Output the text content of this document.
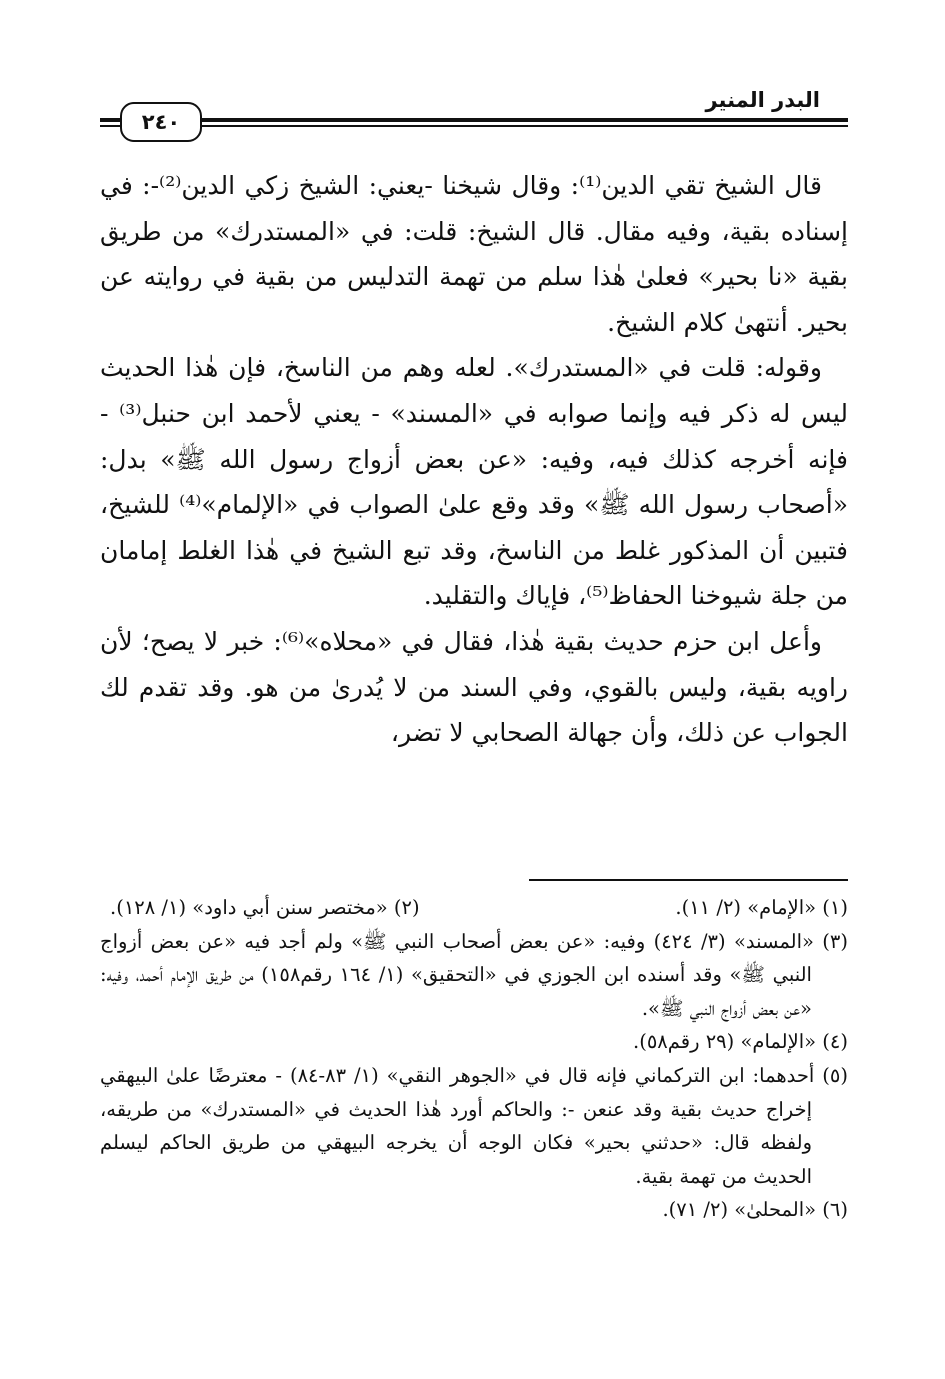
البدر المنير
٢٤٠

قال الشيخ تقي الدين⁽¹⁾: وقال شيخنا -يعني: الشيخ زكي الدين⁽²⁾-: في إسناده بقية، وفيه مقال. قال الشيخ: قلت: في «المستدرك» من طريق بقية «نا بحير» فعلىٰ هٰذا سلم من تهمة التدليس من بقية في روايته عن بحير. أنتهىٰ كلام الشيخ.

وقوله: قلت في «المستدرك». لعله وهم من الناسخ، فإن هٰذا الحديث ليس له ذكر فيه وإنما صوابه في «المسند» - يعني لأحمد ابن حنبل⁽³⁾ - فإنه أخرجه كذلك فيه، وفيه: «عن بعض أزواج رسول الله ﷺ» بدل: «أصحاب رسول الله ﷺ» وقد وقع علىٰ الصواب في «الإلمام»⁽⁴⁾ للشيخ، فتبين أن المذكور غلط من الناسخ، وقد تبع الشيخ في هٰذا الغلط إمامان من جلة شيوخنا الحفاظ⁽⁵⁾، فإياك والتقليد.

وأعل ابن حزم حديث بقية هٰذا، فقال في «محلاه»⁽⁶⁾: خبر لا يصح؛ لأن راويه بقية، وليس بالقوي، وفي السند من لا يُدرىٰ من هو. وقد تقدم لك الجواب عن ذلك، وأن جهالة الصحابي لا تضر،

(١) «الإمام» (٢/ ١١).
(٢) «مختصر سنن أبي داود» (١/ ١٢٨).

(٣) «المسند» (٣/ ٤٢٤) وفيه: «عن بعض أصحاب النبي ﷺ» ولم أجد فيه «عن بعض أزواج النبي ﷺ» وقد أسنده ابن الجوزي في «التحقيق» (١/ ١٦٤ رقم١٥٨) من طريق الإمام أحمد، وفيه: «عن بعض أزواج النبي ﷺ».

(٤) «الإلمام» (٢٩ رقم٥٨).

(٥) أحدهما: ابن التركماني فإنه قال في «الجوهر النقي» (١/ ٨٣-٨٤) - معترضًا علىٰ البيهقي إخراج حديث بقية وقد عنعن -: والحاكم أورد هٰذا الحديث في «المستدرك» من طريقه، ولفظه قال: «حدثني بحير» فكان الوجه أن يخرجه البيهقي من طريق الحاكم ليسلم الحديث من تهمة بقية.

(٦) «المحلىٰ» (٢/ ٧١).
